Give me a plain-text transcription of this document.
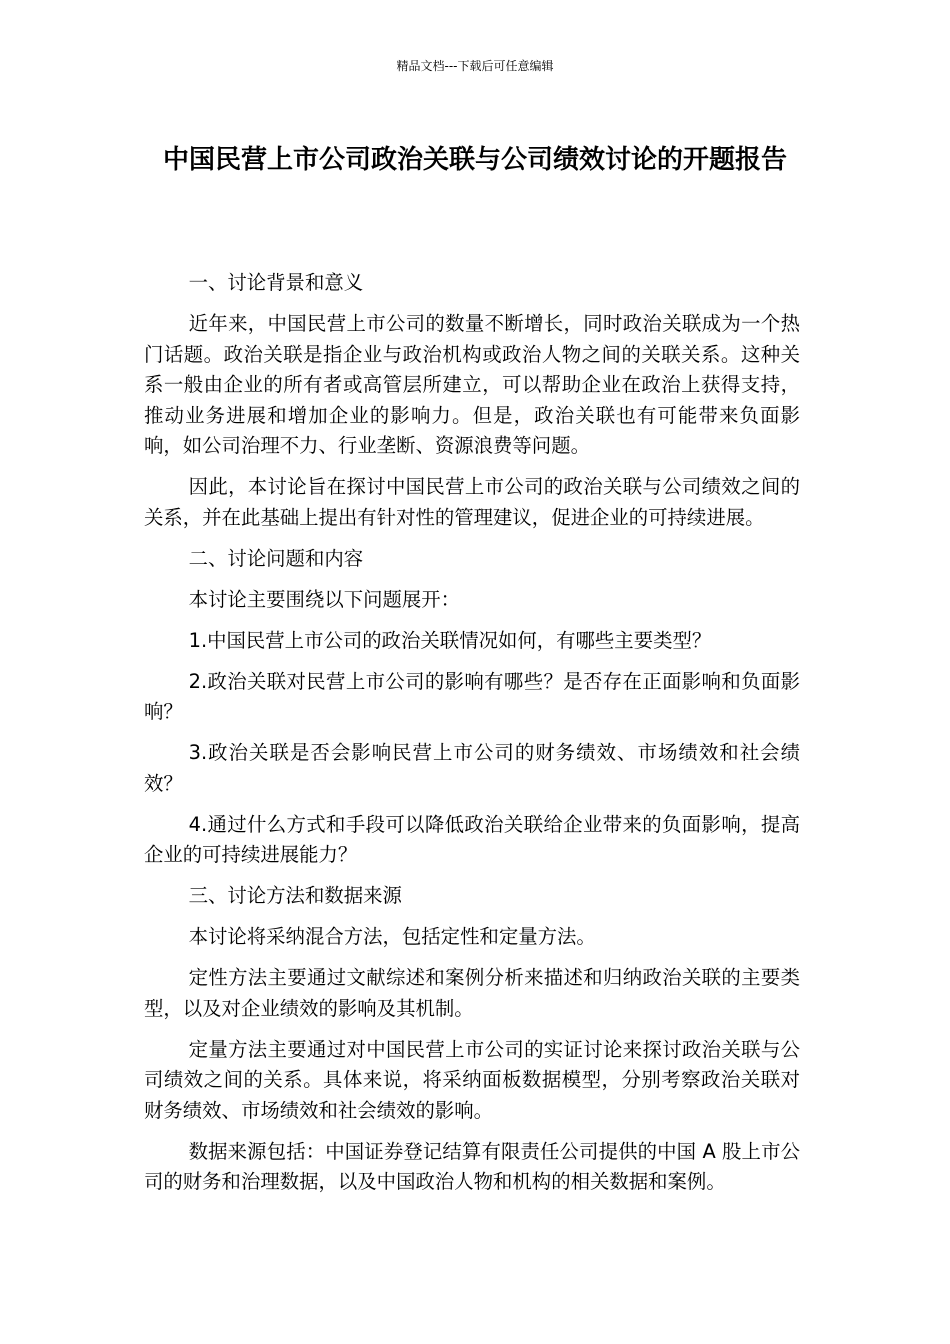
精品文档---下载后可任意编辑
中国民营上市公司政治关联与公司绩效讨论的开题报告

一、讨论背景和意义

近年来，中国民营上市公司的数量不断增长，同时政治关联成为一个热门话题。政治关联是指企业与政治机构或政治人物之间的关联关系。这种关系一般由企业的所有者或高管层所建立，可以帮助企业在政治上获得支持，推动业务进展和增加企业的影响力。但是，政治关联也有可能带来负面影响，如公司治理不力、行业垄断、资源浪费等问题。

因此，本讨论旨在探讨中国民营上市公司的政治关联与公司绩效之间的关系，并在此基础上提出有针对性的管理建议，促进企业的可持续进展。

二、讨论问题和内容

本讨论主要围绕以下问题展开：

1.中国民营上市公司的政治关联情况如何，有哪些主要类型？

2.政治关联对民营上市公司的影响有哪些？是否存在正面影响和负面影响？

3.政治关联是否会影响民营上市公司的财务绩效、市场绩效和社会绩效？

4.通过什么方式和手段可以降低政治关联给企业带来的负面影响，提高企业的可持续进展能力？

三、讨论方法和数据来源

本讨论将采纳混合方法，包括定性和定量方法。

定性方法主要通过文献综述和案例分析来描述和归纳政治关联的主要类型，以及对企业绩效的影响及其机制。

定量方法主要通过对中国民营上市公司的实证讨论来探讨政治关联与公司绩效之间的关系。具体来说，将采纳面板数据模型，分别考察政治关联对财务绩效、市场绩效和社会绩效的影响。

数据来源包括：中国证券登记结算有限责任公司提供的中国 A 股上市公司的财务和治理数据，以及中国政治人物和机构的相关数据和案例。
